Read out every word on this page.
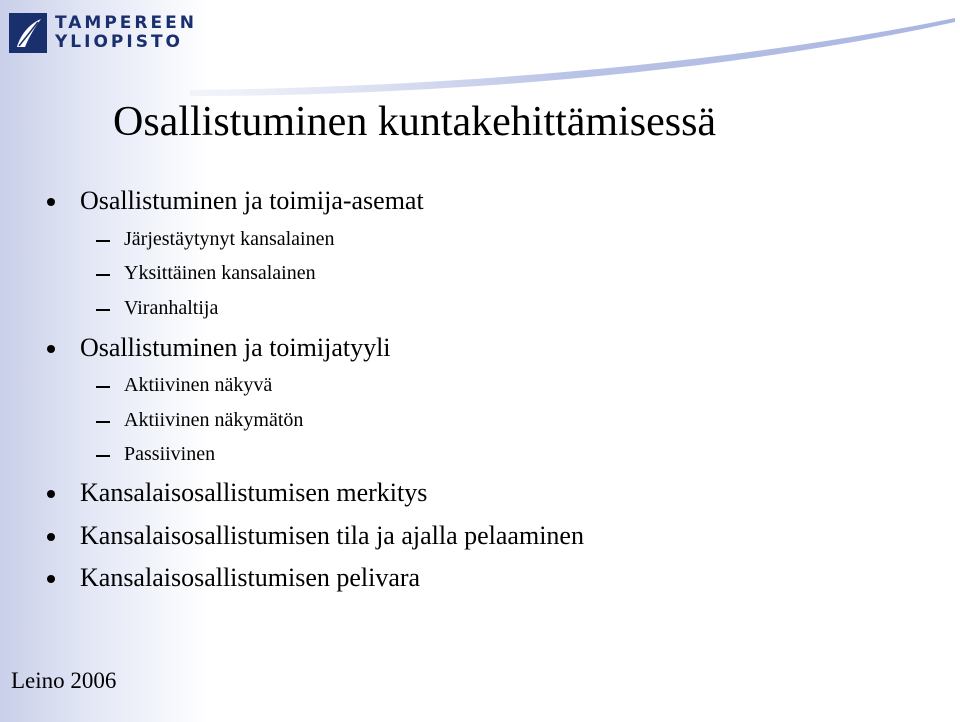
TAMPEREEN
YLIOPISTO
Osallistuminen kuntakehittämisessä
Osallistuminen ja toimija-asemat
Järjestäytynyt kansalainen
Yksittäinen kansalainen
Viranhaltija
Osallistuminen ja toimijatyyli
Aktiivinen näkyvä
Aktiivinen näkymätön
Passiivinen
Kansalaisosallistumisen merkitys
Kansalaisosallistumisen tila ja ajalla pelaaminen
Kansalaisosallistumisen pelivara
Leino 2006
